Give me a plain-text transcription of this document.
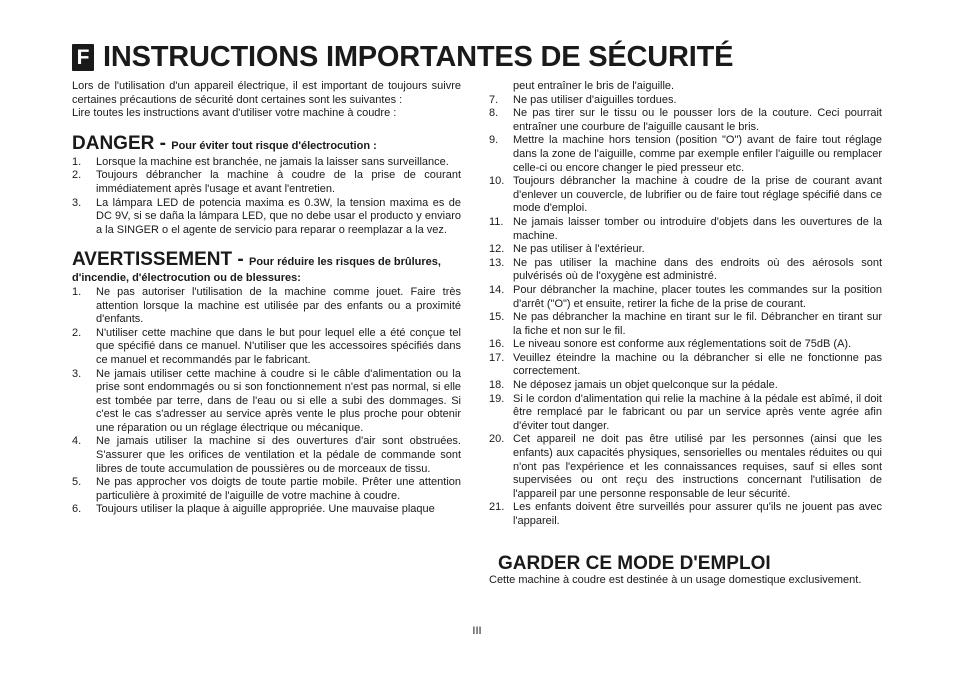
F INSTRUCTIONS IMPORTANTES DE SÉCURITÉ

Lors de l'utilisation d'un appareil électrique, il est important de toujours suivre certaines précautions de sécurité dont certaines sont les suivantes :

Lire toutes les instructions avant d'utiliser votre machine à coudre :

DANGER - Pour éviter tout risque d'électrocution :
1.	Lorsque la machine est branchée, ne jamais la laisser sans surveillance.
2.	Toujours débrancher la machine à coudre de la prise de courant immédiatement après l'usage et avant l'entretien.
3.	La lámpara LED de potencia maxima es 0.3W, la tension maxima es de DC 9V, si se daña la lámpara LED, que no debe usar el producto y enviaro a la SINGER o el agente de servicio para reparar o reemplazar a la vez.
AVERTISSEMENT - Pour réduire les risques de brûlures,
d'incendie, d'électrocution ou de blessures:
1.	Ne pas autoriser l'utilisation de la machine comme jouet. Faire très attention lorsque la machine est utilisée par des enfants ou a proximité d'enfants.
2.	N'utiliser cette machine que dans le but pour lequel elle a été conçue tel que spécifié dans ce manuel. N'utiliser que les accessoires spécifiés dans ce manuel et recommandés par le fabricant.
3.	Ne jamais utiliser cette machine à coudre si le câble d'alimentation ou la prise sont endommagés ou si son fonctionnement n'est pas normal, si elle est tombée par terre, dans de l'eau ou si elle a subi des dommages. Si c'est le cas s'adresser au service après vente le plus proche pour obtenir une réparation ou un réglage électrique ou mécanique.
4.	Ne jamais utiliser la machine si des ouvertures d'air sont obstruées. S'assurer que les orifices de ventilation et la pédale de commande sont libres de toute accumulation de poussières ou de morceaux de tissu.
5.	Ne pas approcher vos doigts de toute partie mobile. Prêter une attention particulière à proximité de l'aiguille de votre machine à coudre.
6.	Toujours utiliser la plaque à aiguille appropriée. Une mauvaise plaque
peut entraîner le bris de l'aiguille.
7.	Ne pas utiliser d'aiguilles tordues.
8.	Ne pas tirer sur le tissu ou le pousser lors de la couture. Ceci pourrait entraîner une courbure de l'aiguille causant le bris.
9.	Mettre la machine hors tension (position "O") avant de faire tout réglage dans la zone de l'aiguille, comme par exemple enfiler l'aiguille ou remplacer celle-ci ou encore changer le pied presseur etc.
10. Toujours débrancher la machine à coudre de la prise de courant avant d'enlever un couvercle, de lubrifier ou de faire tout réglage spécifié dans ce mode d'emploi.
11. Ne jamais laisser tomber ou introduire d'objets dans les ouvertures de la machine.
12. Ne pas utiliser à l'extérieur.
13. Ne pas utiliser la machine dans des endroits où des aérosols sont pulvérisés où de l'oxygène est administré.
14. Pour débrancher la machine, placer toutes les commandes sur la position d'arrêt ("O") et ensuite, retirer la fiche de la prise de courant.
15. Ne pas débrancher la machine en tirant sur le fil. Débrancher en tirant sur la fiche et non sur le fil.
16. Le niveau sonore est conforme aux réglementations soit de 75dB (A).
17. Veuillez éteindre la machine ou la débrancher si elle ne fonctionne pas correctement.
18. Ne déposez jamais un objet quelconque sur la pédale.
19. Si le cordon d'alimentation qui relie la machine à la pédale est abîmé, il doit être remplacé par le fabricant ou par un service après vente agrée afin d'éviter tout danger.
20. Cet appareil ne doit pas être utilisé par les personnes (ainsi que les enfants) aux capacités physiques, sensorielles ou mentales réduites ou qui n'ont pas l'expérience et les connaissances requises, sauf si elles sont supervisées ou ont reçu des instructions concernant l'utilisation de l'appareil par une personne responsable de leur sécurité.
21. Les enfants doivent être surveillés pour assurer qu'ils ne jouent pas avec l'appareil.
GARDER CE MODE D'EMPLOI

Cette machine à coudre est destinée à un usage domestique exclusivement.

III
